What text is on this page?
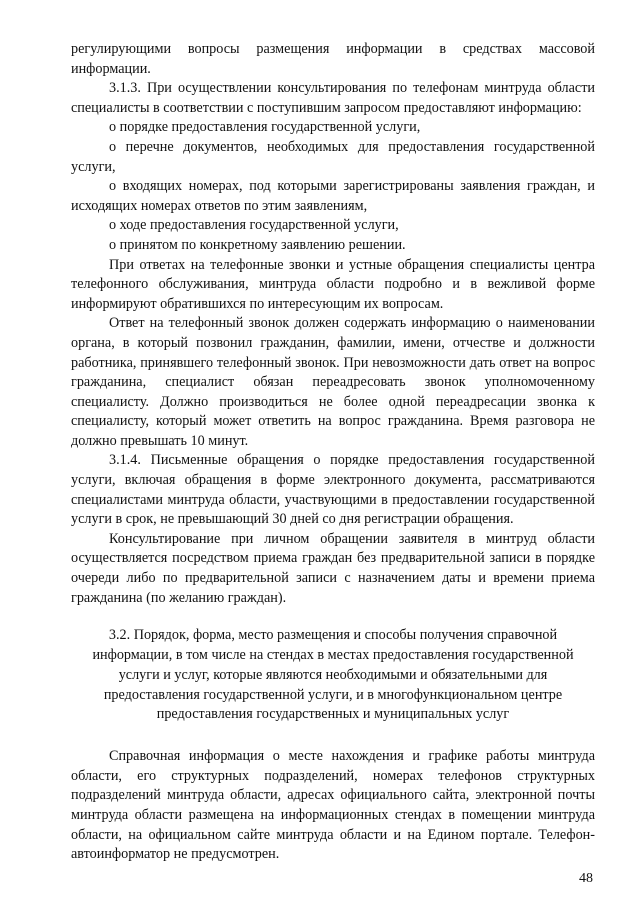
регулирующими вопросы размещения информации в средствах массовой информации.

3.1.3. При осуществлении консультирования по телефонам минтруда области специалисты в соответствии с поступившим запросом предоставляют информацию:

о порядке предоставления государственной услуги,

о перечне документов, необходимых для предоставления государственной услуги,

о входящих номерах, под которыми зарегистрированы заявления граждан, и исходящих номерах ответов по этим заявлениям,

о ходе предоставления государственной услуги,

о принятом по конкретному заявлению решении.

При ответах на телефонные звонки и устные обращения специалисты центра телефонного обслуживания, минтруда области подробно и в вежливой форме информируют обратившихся по интересующим их вопросам.

Ответ на телефонный звонок должен содержать информацию о наименовании органа, в который позвонил гражданин, фамилии, имени, отчестве и должности работника, принявшего телефонный звонок. При невозможности дать ответ на вопрос гражданина, специалист обязан переадресовать звонок уполномоченному специалисту. Должно производиться не более одной переадресации звонка к специалисту, который может ответить на вопрос гражданина. Время разговора не должно превышать 10 минут.

3.1.4. Письменные обращения о порядке предоставления государственной услуги, включая обращения в форме электронного документа, рассматриваются специалистами минтруда области, участвующими в предоставлении государственной услуги в срок, не превышающий 30 дней со дня регистрации обращения.

Консультирование при личном обращении заявителя в минтруд области осуществляется посредством приема граждан без предварительной записи в порядке очереди либо по предварительной записи с назначением даты и времени приема гражданина (по желанию граждан).

3.2. Порядок, форма, место размещения и способы получения справочной информации, в том числе на стендах в местах предоставления государственной услуги и услуг, которые являются необходимыми и обязательными для предоставления государственной услуги, и в многофункциональном центре предоставления государственных и муниципальных услуг

Справочная информация о месте нахождения и графике работы минтруда области, его структурных подразделений, номерах телефонов структурных подразделений минтруда области, адресах официального сайта, электронной почты минтруда области размещена на информационных стендах в помещении минтруда области, на официальном сайте минтруда области и на Едином портале. Телефон-автоинформатор не предусмотрен.

48
